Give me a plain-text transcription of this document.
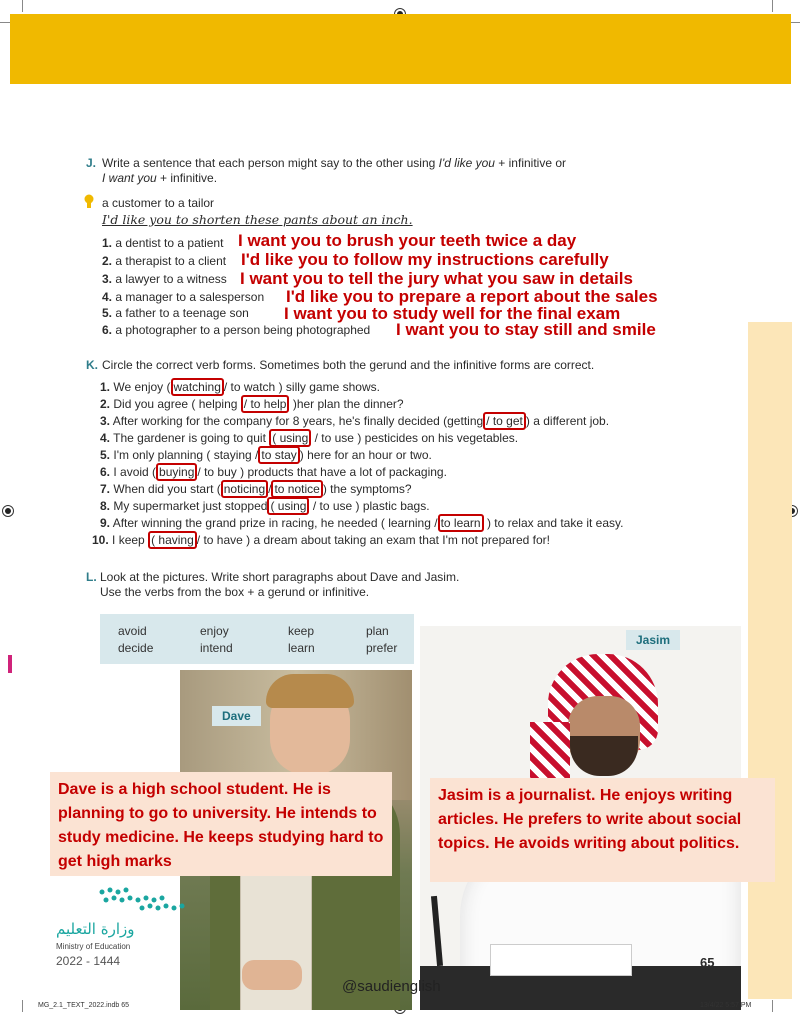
J. Write a sentence that each person might say to the other using I'd like you + infinitive or
I want you + infinitive.
a customer to a tailor
I'd like you to shorten these pants about an inch.
1. a dentist to a patient I want you to brush your teeth twice a day
2. a therapist to a client I'd like you to follow my instructions carefully
3. a lawyer to a witness I want you to tell the jury what you saw in details
4. a manager to a salesperson I'd like you to prepare a report about the sales
5. a father to a teenage son I want you to study well for the final exam
6. a photographer to a person being photographed I want you to stay still and smile
K. Circle the correct verb forms. Sometimes both the gerund and the infinitive forms are correct.
1. We enjoy ( watching / to watch ) silly game shows.
2. Did you agree ( helping / to help )her plan the dinner?
3. After working for the company for 8 years, he's finally decided (getting / to get ) a different job.
4. The gardener is going to quit ( using / to use ) pesticides on his vegetables.
5. I'm only planning ( staying / to stay ) here for an hour or two.
6. I avoid ( buying / to buy ) products that have a lot of packaging.
7. When did you start ( noticing / to notice ) the symptoms?
8. My supermarket just stopped ( using / to use ) plastic bags.
9. After winning the grand prize in racing, he needed ( learning / to learn ) to relax and take it easy.
10. I keep ( having / to have ) a dream about taking an exam that I'm not prepared for!
L. Look at the pictures. Write short paragraphs about Dave and Jasim.
Use the verbs from the box + a gerund or infinitive.
avoid	enjoy	keep	plan
decide	intend	learn	prefer
Dave
Jasim
Dave is a high school student. He is planning to go to university. He intends to study medicine. He keeps studying hard to get high marks
Jasim is a journalist. He enjoys writing articles. He prefers to write about social topics. He avoids writing about politics.
وزارة التعليم
Ministry of Education
2022 - 1444	65
@saudienglish
MG_2.1_TEXT_2022.indb 65	13/4/22 5:57 PM
